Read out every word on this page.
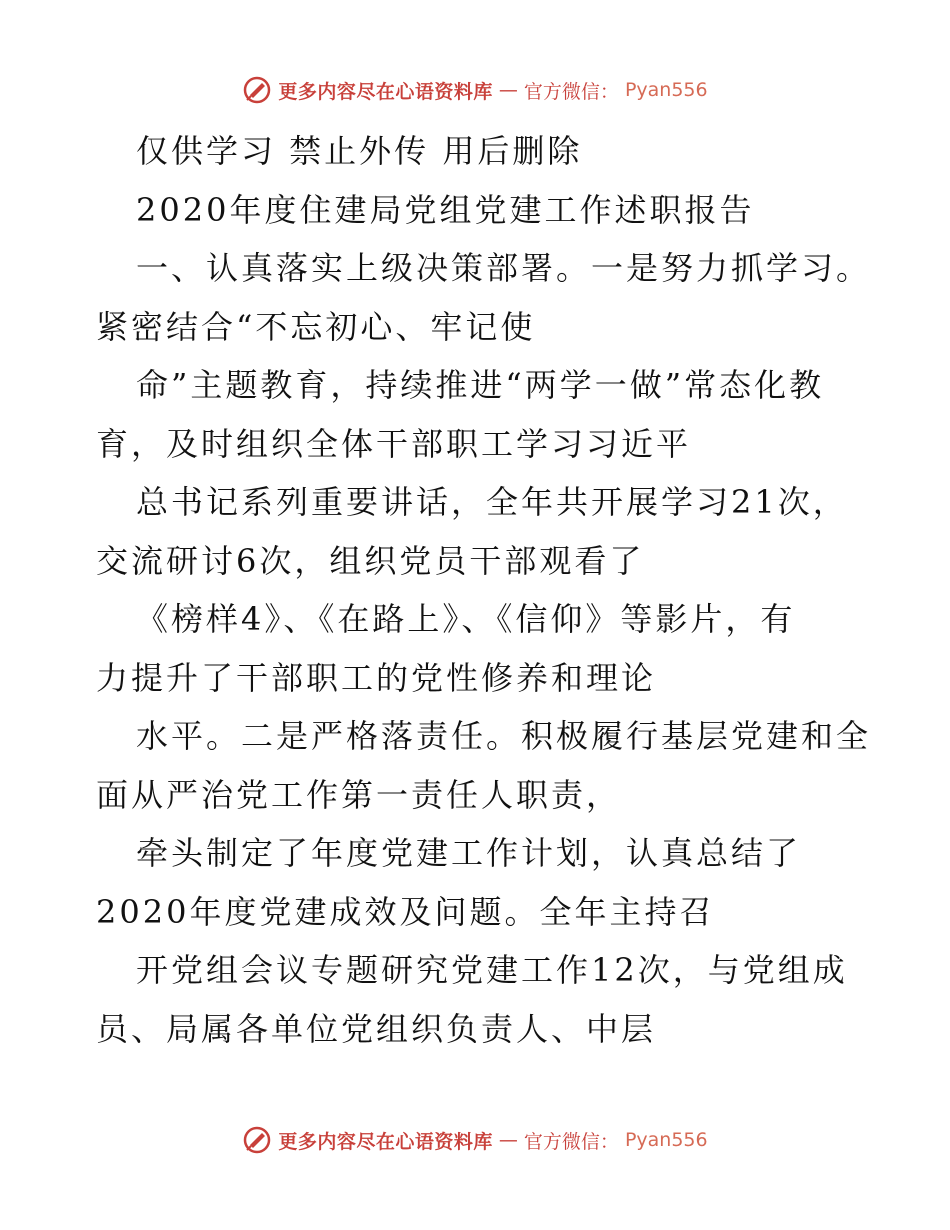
更多内容尽在心语资料库 — 官方微信： Pyan556
仅供学习 禁止外传 用后删除
2020年度住建局党组党建工作述职报告
一、认真落实上级决策部署。一是努力抓学习。
紧密结合“不忘初心、牢记使
命”主题教育，持续推进“两学一做”常态化教
育，及时组织全体干部职工学习习近平
总书记系列重要讲话，全年共开展学习21次，
交流研讨6次，组织党员干部观看了
《榜样4》、《在路上》、《信仰》等影片，有
力提升了干部职工的党性修养和理论
水平。二是严格落责任。积极履行基层党建和全
面从严治党工作第一责任人职责，
牵头制定了年度党建工作计划，认真总结了
2020年度党建成效及问题。全年主持召
开党组会议专题研究党建工作12次，与党组成
员、局属各单位党组织负责人、中层
更多内容尽在心语资料库 — 官方微信： Pyan556
